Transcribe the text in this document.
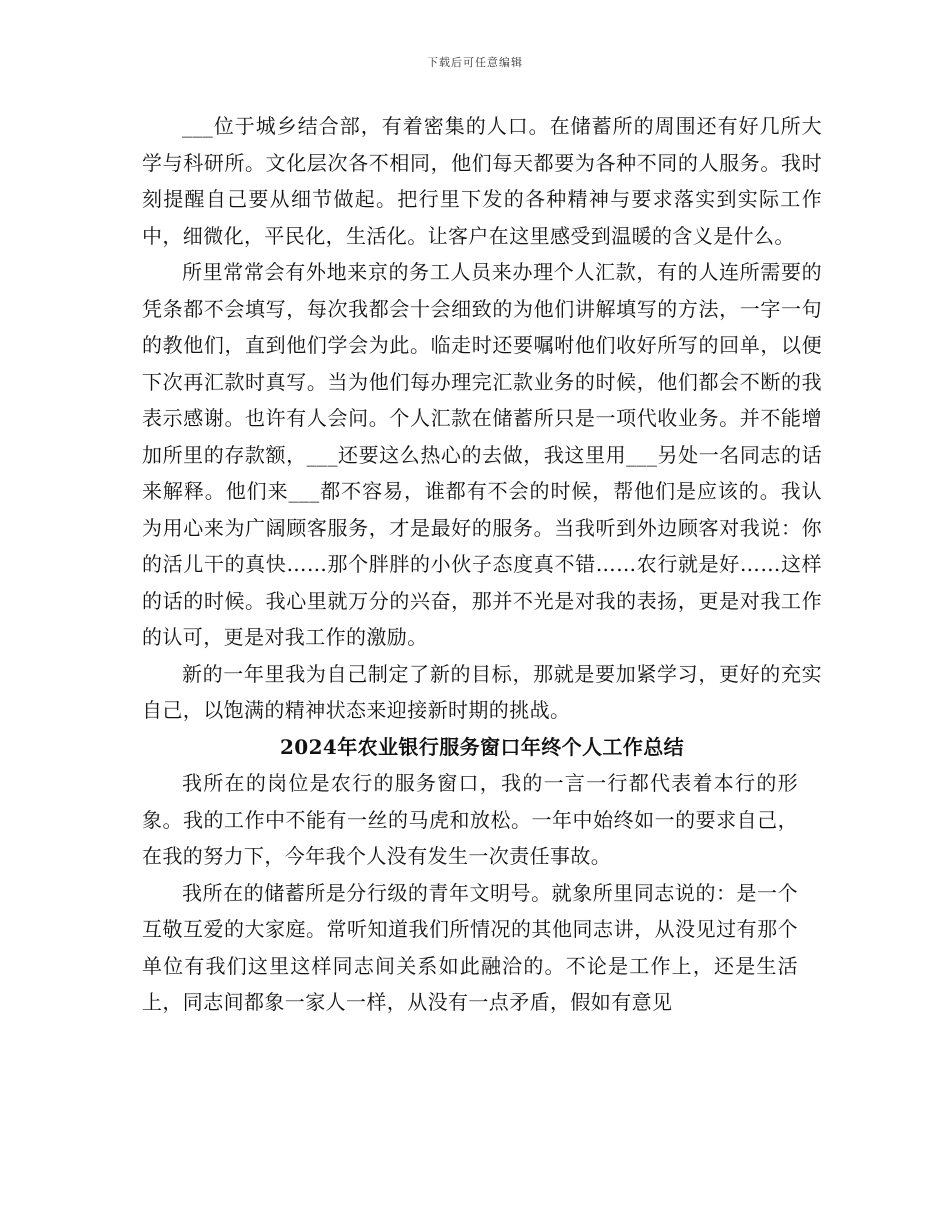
下载后可任意编辑

___位于城乡结合部，有着密集的人口。在储蓄所的周围还有好几所大学与科研所。文化层次各不相同，他们每天都要为各种不同的人服务。我时刻提醒自己要从细节做起。把行里下发的各种精神与要求落实到实际工作中，细微化，平民化，生活化。让客户在这里感受到温暖的含义是什么。

所里常常会有外地来京的务工人员来办理个人汇款，有的人连所需要的凭条都不会填写，每次我都会十会细致的为他们讲解填写的方法，一字一句的教他们，直到他们学会为此。临走时还要嘱咐他们收好所写的回单，以便下次再汇款时真写。当为他们每办理完汇款业务的时候，他们都会不断的我表示感谢。也许有人会问。个人汇款在储蓄所只是一项代收业务。并不能增加所里的存款额，___还要这么热心的去做，我这里用___另处一名同志的话来解释。他们来___都不容易，谁都有不会的时候，帮他们是应该的。我认为用心来为广阔顾客服务，才是最好的服务。当我听到外边顾客对我说：你的活儿干的真快……那个胖胖的小伙子态度真不错……农行就是好……这样的话的时候。我心里就万分的兴奋，那并不光是对我的表扬，更是对我工作的认可，更是对我工作的激励。

新的一年里我为自己制定了新的目标，那就是要加紧学习，更好的充实自己，以饱满的精神状态来迎接新时期的挑战。

2024年农业银行服务窗口年终个人工作总结

我所在的岗位是农行的服务窗口，我的一言一行都代表着本行的形象。我的工作中不能有一丝的马虎和放松。一年中始终如一的要求自己，在我的努力下，今年我个人没有发生一次责任事故。

我所在的储蓄所是分行级的青年文明号。就象所里同志说的：是一个互敬互爱的大家庭。常听知道我们所情况的其他同志讲，从没见过有那个单位有我们这里这样同志间关系如此融洽的。不论是工作上，还是生活上，同志间都象一家人一样，从没有一点矛盾，假如有意见
